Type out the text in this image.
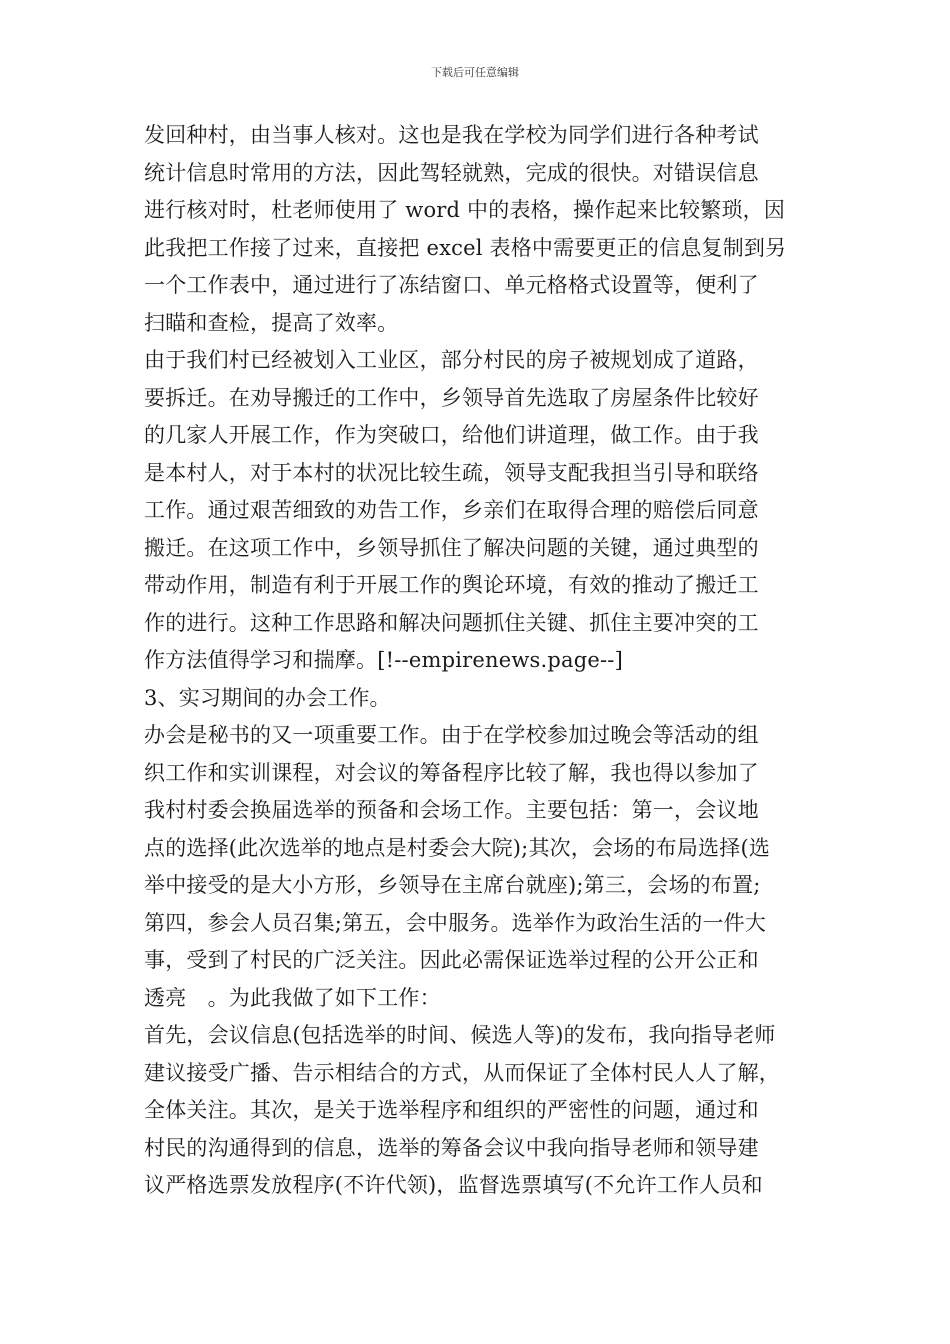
下载后可任意编辑
发回种村，由当事人核对。这也是我在学校为同学们进行各种考试
统计信息时常用的方法，因此驾轻就熟，完成的很快。对错误信息
进行核对时，杜老师使用了 word 中的表格，操作起来比较繁琐，因
此我把工作接了过来，直接把 excel 表格中需要更正的信息复制到另
一个工作表中，通过进行了冻结窗口、单元格格式设置等，便利了
扫瞄和查检，提高了效率。
由于我们村已经被划入工业区，部分村民的房子被规划成了道路，
要拆迁。在劝导搬迁的工作中，乡领导首先选取了房屋条件比较好
的几家人开展工作，作为突破口，给他们讲道理，做工作。由于我
是本村人，对于本村的状况比较生疏，领导支配我担当引导和联络
工作。通过艰苦细致的劝告工作，乡亲们在取得合理的赔偿后同意
搬迁。在这项工作中，乡领导抓住了解决问题的关键，通过典型的
带动作用，制造有利于开展工作的舆论环境，有效的推动了搬迁工
作的进行。这种工作思路和解决问题抓住关键、抓住主要冲突的工
作方法值得学习和揣摩。[!--empirenews.page--]
3、实习期间的办会工作。
办会是秘书的又一项重要工作。由于在学校参加过晚会等活动的组
织工作和实训课程，对会议的筹备程序比较了解，我也得以参加了
我村村委会换届选举的预备和会场工作。主要包括：第一，会议地
点的选择(此次选举的地点是村委会大院);其次，会场的布局选择(选
举中接受的是大小方形，乡领导在主席台就座);第三，会场的布置;
第四，参会人员召集;第五，会中服务。选举作为政治生活的一件大
事，受到了村民的广泛关注。因此必需保证选举过程的公开公正和
透亮　。为此我做了如下工作：
首先，会议信息(包括选举的时间、候选人等)的发布，我向指导老师
建议接受广播、告示相结合的方式，从而保证了全体村民人人了解，
全体关注。其次，是关于选举程序和组织的严密性的问题，通过和
村民的沟通得到的信息，选举的筹备会议中我向指导老师和领导建
议严格选票发放程序(不许代领)，监督选票填写(不允许工作人员和
